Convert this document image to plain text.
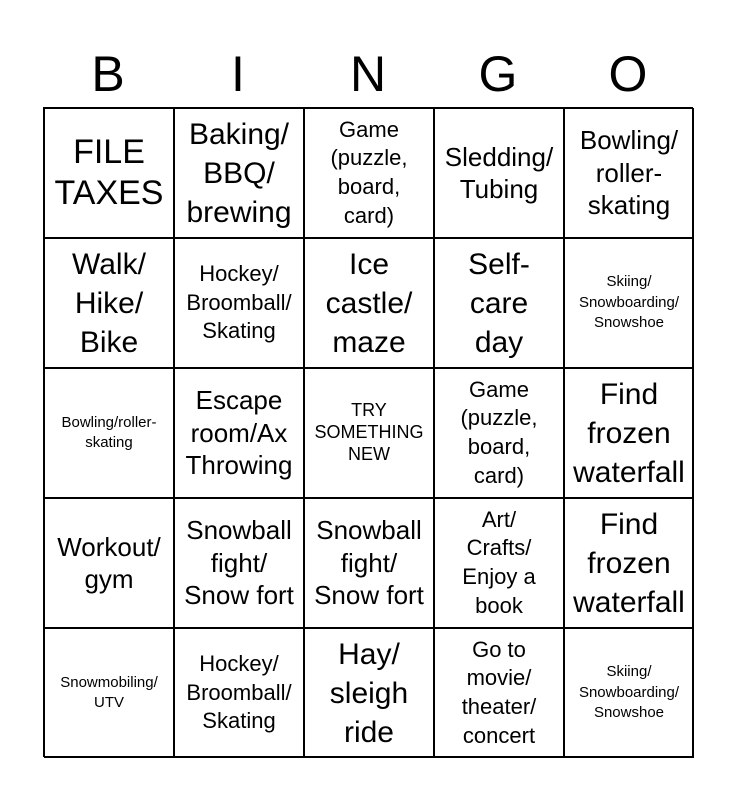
B	I	N	G	O
FILE
TAXES
Baking/
BBQ/
brewing
Game
(puzzle,
board,
card)
Sledding/
Tubing
Bowling/
roller-
skating
Walk/
Hike/
Bike
Hockey/
Broomball/
Skating
Ice
castle/
maze
Self-
care
day
Skiing/
Snowboarding/
Snowshoe
Bowling/roller-
skating
Escape
room/Ax
Throwing
TRY
SOMETHING
NEW
Game
(puzzle,
board,
card)
Find
frozen
waterfall
Workout/
gym
Snowball
fight/
Snow fort
Snowball
fight/
Snow fort
Art/
Crafts/
Enjoy a
book
Find
frozen
waterfall
Snowmobiling/
UTV
Hockey/
Broomball/
Skating
Hay/
sleigh
ride
Go to
movie/
theater/
concert
Skiing/
Snowboarding/
Snowshoe
